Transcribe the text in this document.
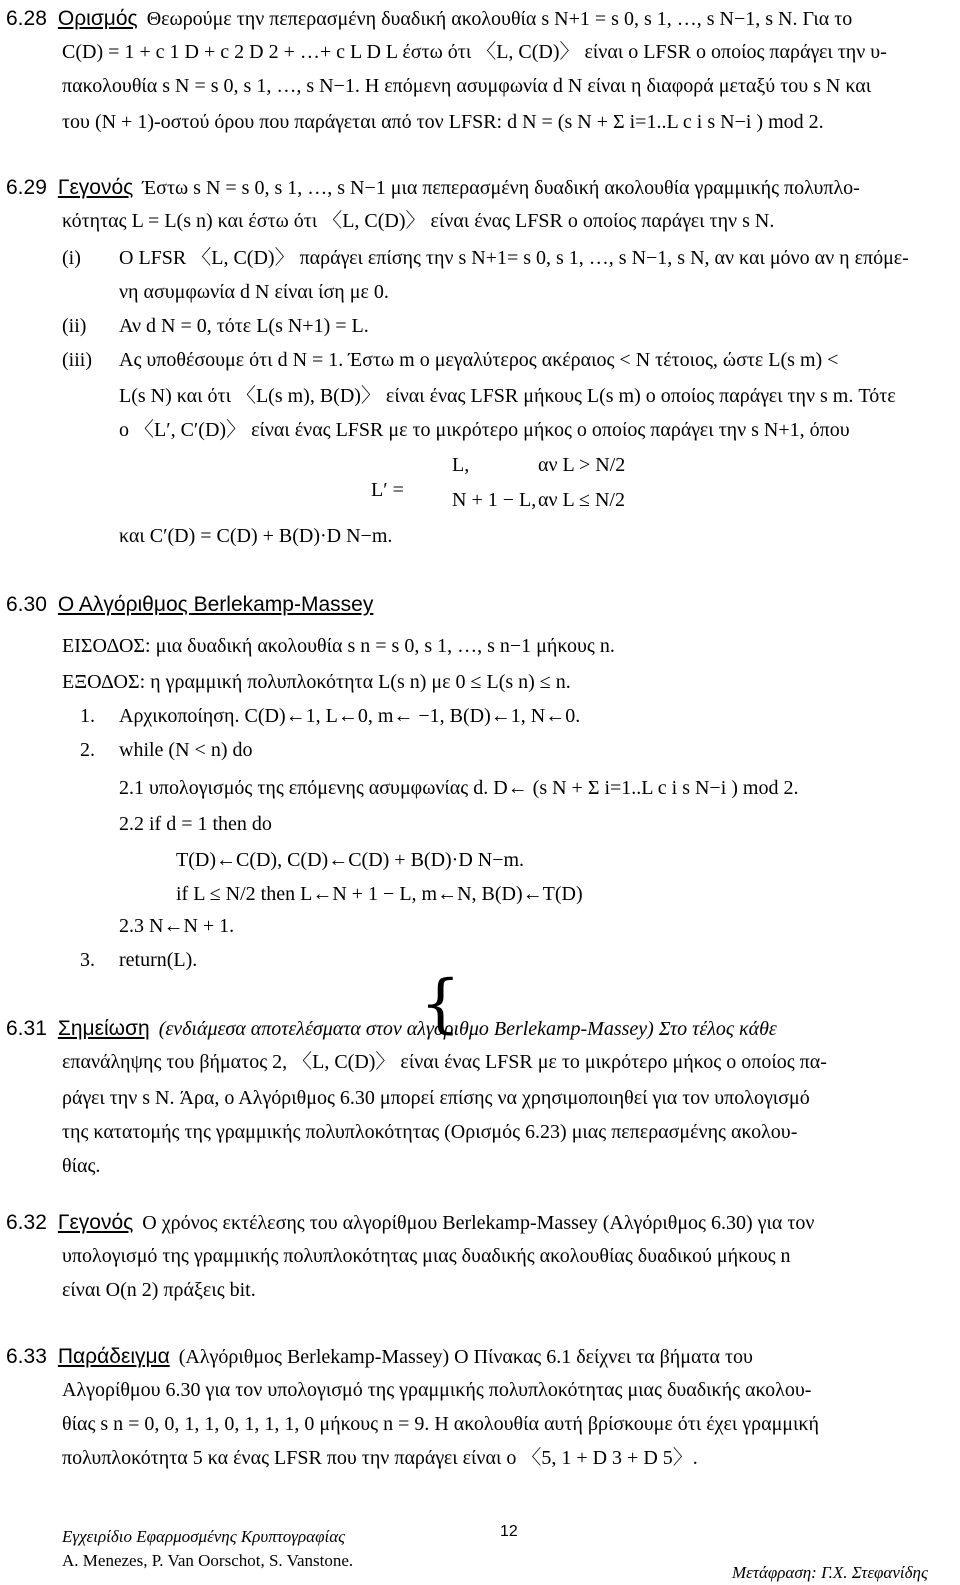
6.28 Ορισμός Θεωρούμε την πεπερασμένη δυαδική ακολουθία s N+1 = s 0, s 1, …, s N−1, s N. Για το
C(D) = 1 + c 1 D + c 2 D 2 + …+ c L D L έστω ότι 〈L, C(D)〉 είναι ο LFSR ο οποίος παράγει την υ-
πακολουθία s N = s 0, s 1, …, s N−1. Η επόμενη ασυμφωνία d N είναι η διαφορά μεταξύ του s N και
του (N + 1)-οστού όρου που παράγεται από τον LFSR: d N = (s N + Σ i=1..L c i s N−i ) mod 2.
6.29 Γεγονός Έστω s N = s 0, s 1, …, s N−1 μια πεπερασμένη δυαδική ακολουθία γραμμικής πολυπλο-
κότητας L = L(s n) και έστω ότι 〈L, C(D)〉 είναι ένας LFSR ο οποίος παράγει την s N.
(i) Ο LFSR 〈L, C(D)〉 παράγει επίσης την s N+1= s 0, s 1, …, s N−1, s N, αν και μόνο αν η επόμε-
νη ασυμφωνία d N είναι ίση με 0.
(ii) Αν d N = 0, τότε L(s N+1) = L.
(iii) Ας υποθέσουμε ότι d N = 1. Έστω m ο μεγαλύτερος ακέραιος < N τέτοιος, ώστε L(s m) <
L(s N) και ότι 〈L(s m), B(D)〉 είναι ένας LFSR μήκους L(s m) ο οποίος παράγει την s m. Τότε
ο 〈L′, C′(D)〉 είναι ένας LFSR με το μικρότερο μήκος ο οποίος παράγει την s N+1, όπου
L′ =
{
L,	αν L > N/2
N + 1 − L, αν L ≤ N/2
και C′(D) = C(D) + B(D)·D N−m.
6.30 Ο Αλγόριθμος Berlekamp-Massey
ΕΙΣΟΔΟΣ: μια δυαδική ακολουθία s n = s 0, s 1, …, s n−1 μήκους n.
ΕΞΟΔΟΣ: η γραμμική πολυπλοκότητα L(s n) με 0 ≤ L(s n) ≤ n.
1. Αρχικοποίηση. C(D)←1, L←0, m← −1, B(D)←1, N←0.
2. while (N < n) do
2.1 υπολογισμός της επόμενης ασυμφωνίας d. D← (s N + Σ i=1..L c i s N−i ) mod 2.
2.2 if d = 1 then do
T(D)←C(D), C(D)←C(D) + B(D)·D N−m.
if L ≤ N/2 then L←N + 1 − L, m←N, B(D)←T(D)
2.3 N←N + 1.
3. return(L).
6.31 Σημείωση (ενδιάμεσα αποτελέσματα στον αλγόριθμο Berlekamp-Massey) Στο τέλος κάθε
επανάληψης του βήματος 2, 〈L, C(D)〉 είναι ένας LFSR με το μικρότερο μήκος ο οποίος πα-
ράγει την s N. Άρα, ο Αλγόριθμος 6.30 μπορεί επίσης να χρησιμοποιηθεί για τον υπολογισμό
της κατατομής της γραμμικής πολυπλοκότητας (Ορισμός 6.23) μιας πεπερασμένης ακολου-
θίας.
6.32 Γεγονός Ο χρόνος εκτέλεσης του αλγορίθμου Berlekamp-Massey (Αλγόριθμος 6.30) για τον
υπολογισμό της γραμμικής πολυπλοκότητας μιας δυαδικής ακολουθίας δυαδικού μήκους n
είναι O(n 2) πράξεις bit.
6.33 Παράδειγμα (Αλγόριθμος Berlekamp-Massey) Ο Πίνακας 6.1 δείχνει τα βήματα του
Αλγορίθμου 6.30 για τον υπολογισμό της γραμμικής πολυπλοκότητας μιας δυαδικής ακολου-
θίας s n = 0, 0, 1, 1, 0, 1, 1, 1, 0 μήκους n = 9. Η ακολουθία αυτή βρίσκουμε ότι έχει γραμμική
πολυπλοκότητα 5 κα ένας LFSR που την παράγει είναι ο 〈5, 1 + D 3 + D 5〉.
Εγχειρίδιο Εφαρμοσμένης Κρυπτογραφίας	12
A. Menezes, P. Van Oorschot, S. Vanstone.
Μετάφραση: Γ.Χ. Στεφανίδης
